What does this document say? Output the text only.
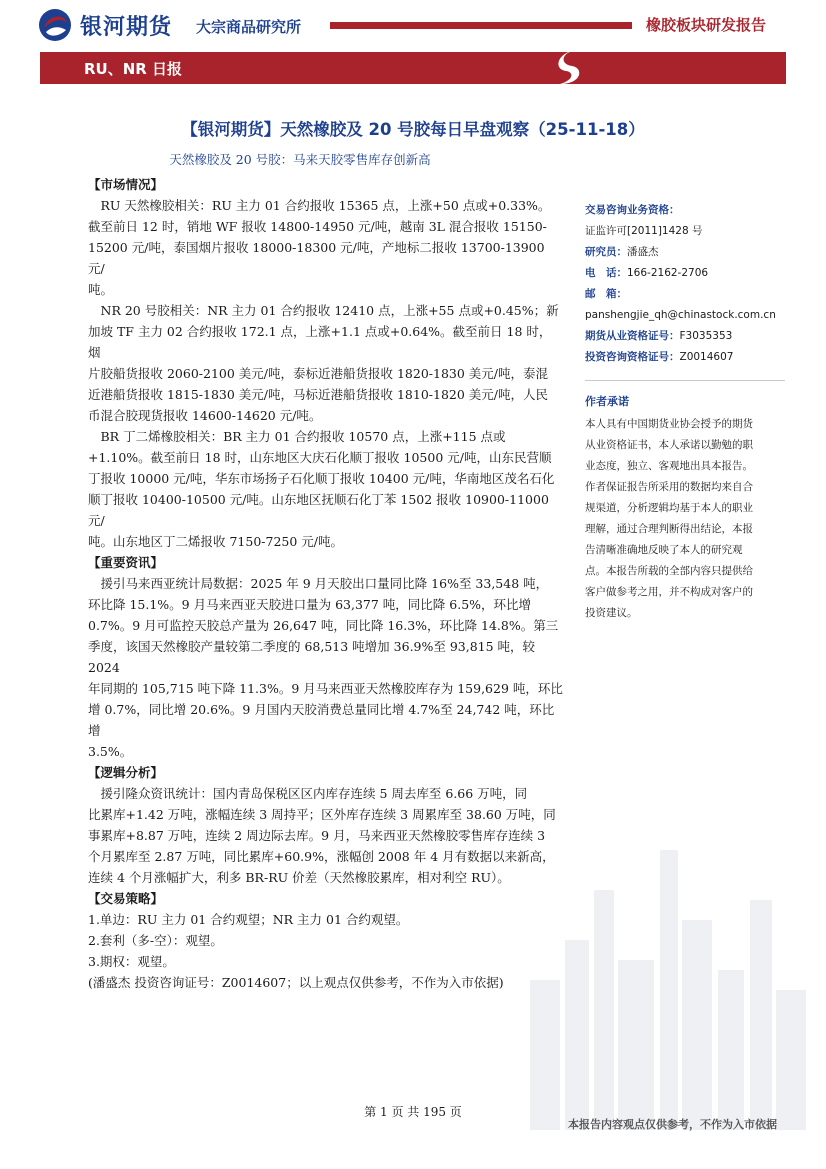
银河期货 大宗商品研究所	橡胶板块研发报告
RU、NR 日报
【银河期货】天然橡胶及 20 号胶每日早盘观察（25-11-18）
天然橡胶及 20 号胶：马来天胶零售库存创新高
【市场情况】
　RU 天然橡胶相关：RU 主力 01 合约报收 15365 点，上涨+50 点或+0.33%。
截至前日 12 时，销地 WF 报收 14800-14950 元/吨，越南 3L 混合报收 15150-
15200 元/吨，泰国烟片报收 18000-18300 元/吨，产地标二报收 13700-13900 元/
吨。
　NR 20 号胶相关：NR 主力 01 合约报收 12410 点，上涨+55 点或+0.45%；新
加坡 TF 主力 02 合约报收 172.1 点，上涨+1.1 点或+0.64%。截至前日 18 时，烟
片胶船货报收 2060-2100 美元/吨，泰标近港船货报收 1820-1830 美元/吨，泰混
近港船货报收 1815-1830 美元/吨，马标近港船货报收 1810-1820 美元/吨，人民
币混合胶现货报收 14600-14620 元/吨。
　BR 丁二烯橡胶相关：BR 主力 01 合约报收 10570 点，上涨+115 点或
+1.10%。截至前日 18 时，山东地区大庆石化顺丁报收 10500 元/吨，山东民营顺
丁报收 10000 元/吨，华东市场扬子石化顺丁报收 10400 元/吨，华南地区茂名石化
顺丁报收 10400-10500 元/吨。山东地区抚顺石化丁苯 1502 报收 10900-11000 元/
吨。山东地区丁二烯报收 7150-7250 元/吨。
【重要资讯】
　援引马来西亚统计局数据：2025 年 9 月天胶出口量同比降 16%至 33,548 吨，
环比降 15.1%。9 月马来西亚天胶进口量为 63,377 吨，同比降 6.5%，环比增
0.7%。9 月可监控天胶总产量为 26,647 吨，同比降 16.3%，环比降 14.8%。第三
季度，该国天然橡胶产量较第二季度的 68,513 吨增加 36.9%至 93,815 吨，较 2024
年同期的 105,715 吨下降 11.3%。9 月马来西亚天然橡胶库存为 159,629 吨，环比
增 0.7%，同比增 20.6%。9 月国内天胶消费总量同比增 4.7%至 24,742 吨，环比增
3.5%。
【逻辑分析】
　援引隆众资讯统计：国内青岛保税区区内库存连续 5 周去库至 6.66 万吨，同
比累库+1.42 万吨，涨幅连续 3 周持平；区外库存连续 3 周累库至 38.60 万吨，同
事累库+8.87 万吨，连续 2 周边际去库。9 月，马来西亚天然橡胶零售库存连续 3
个月累库至 2.87 万吨，同比累库+60.9%，涨幅创 2008 年 4 月有数据以来新高，
连续 4 个月涨幅扩大，利多 BR-RU 价差（天然橡胶累库，相对利空 RU）。
【交易策略】
1.单边：RU 主力 01 合约观望；NR 主力 01 合约观望。
2.套利（多-空）：观望。
3.期权：观望。
(潘盛杰 投资咨询证号：Z0014607；以上观点仅供参考，不作为入市依据)
交易咨询业务资格：
证监许可[2011]1428 号
研究员：潘盛杰
电　话：166-2162-2706
邮　箱：
panshengjie_qh@chinastock.com.cn
期货从业资格证号：F3035353
投资咨询资格证号：Z0014607
作者承诺
本人具有中国期货业协会授予的期货
从业资格证书，本人承诺以勤勉的职
业态度，独立、客观地出具本报告。
作者保证报告所采用的数据均来自合
规渠道，分析逻辑均基于本人的职业
理解，通过合理判断得出结论，本报
告清晰准确地反映了本人的研究观
点。本报告所载的全部内容只提供给
客户做参考之用，并不构成对客户的
投资建议。
第 1 页 共 195 页
本报告内容观点仅供参考，不作为入市依据
